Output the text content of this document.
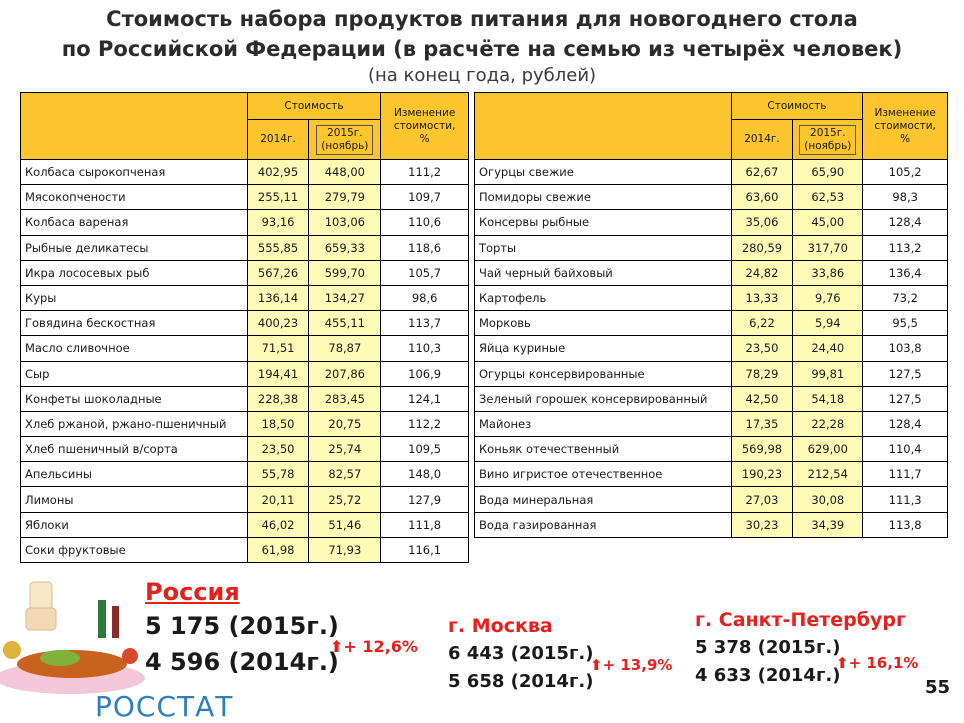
Стоимость набора продуктов питания для новогоднего стола
по Российской Федерации (в расчёте на семью из четырёх человек)
(на конец года, рублей)
	Стоимость		Изменение
стоимости,
%

	2014г.	2015г.
(ноябрь)	
Колбаса сырокопченая	402,95	448,00	111,2
Мясокопчености	255,11	279,79	109,7
Колбаса вареная	93,16	103,06	110,6
Рыбные деликатесы	555,85	659,33	118,6
Икра лососевых рыб	567,26	599,70	105,7
Куры	136,14	134,27	98,6
Говядина бескостная	400,23	455,11	113,7
Масло сливочное	71,51	78,87	110,3
Сыр	194,41	207,86	106,9
Конфеты шоколадные	228,38	283,45	124,1
Хлеб ржаной, ржано-пшеничный	18,50	20,75	112,2
Хлеб пшеничный в/сорта	23,50	25,74	109,5
Апельсины	55,78	82,57	148,0
Лимоны	20,11	25,72	127,9
Яблоки	46,02	51,46	111,8
Соки фруктовые	61,98	71,93	116,1
	Стоимость		Изменение
стоимости,
%

	2014г.	2015г.
(ноябрь)	
Огурцы свежие	62,67	65,90	105,2
Помидоры свежие	63,60	62,53	98,3
Консервы рыбные	35,06	45,00	128,4
Торты	280,59	317,70	113,2
Чай черный байховый	24,82	33,86	136,4
Картофель	13,33	9,76	73,2
Морковь	6,22	5,94	95,5
Яйца куриные	23,50	24,40	103,8
Огурцы консервированные	78,29	99,81	127,5
Зеленый горошек консервированный	42,50	54,18	127,5
Майонез	17,35	22,28	128,4
Коньяк отечественный	569,98	629,00	110,4
Вино игристое отечественное	190,23	212,54	111,7
Вода минеральная	27,03	30,08	111,3
Вода газированная	30,23	34,39	113,8
Россия
5 175 (2015г.)
4 596 (2014г.)
⬆+ 12,6%
г. Москва
6 443 (2015г.)
5 658 (2014г.)
⬆+ 13,9%
г. Санкт-Петербург
5 378 (2015г.)
4 633 (2014г.)
⬆+ 16,1%
55
РОССТАТ
